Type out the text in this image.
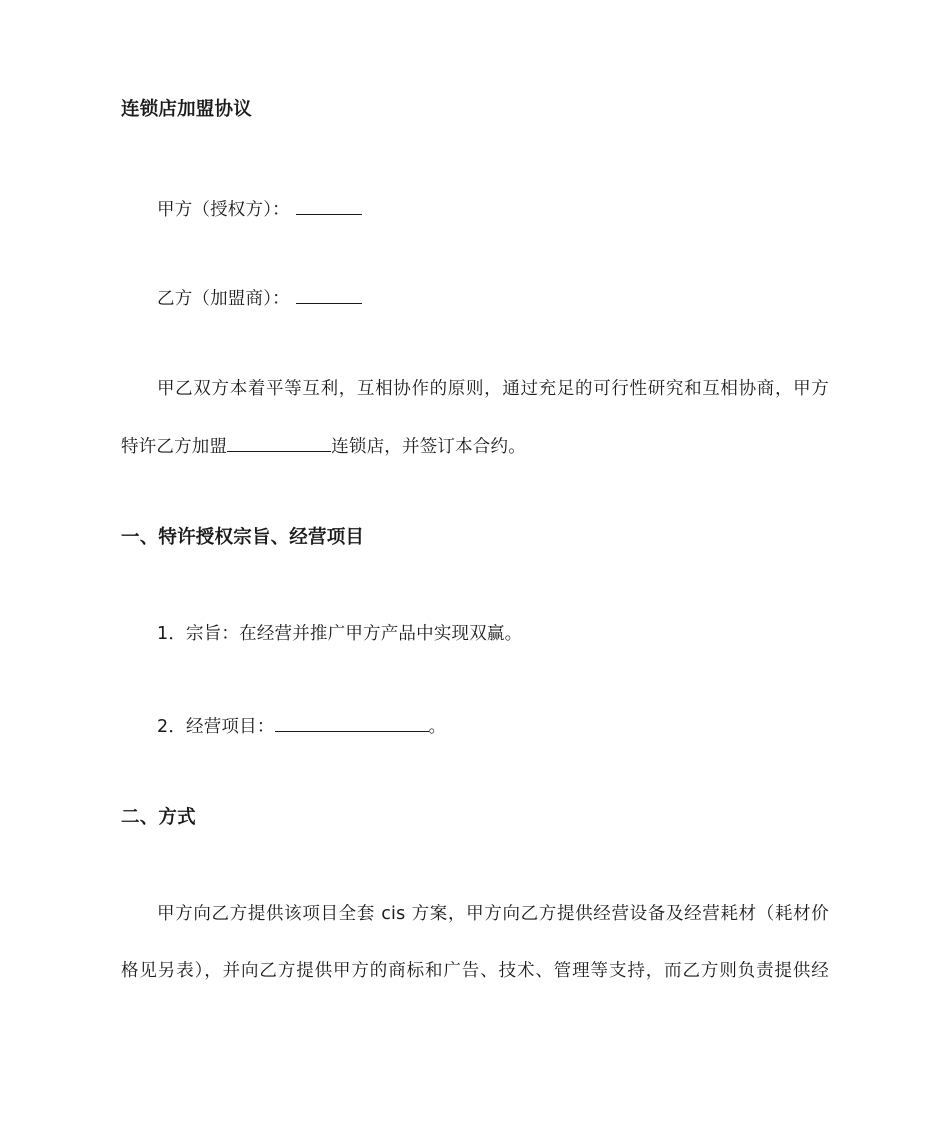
连锁店加盟协议
甲方（授权方）：
乙方（加盟商）：
甲乙双方本着平等互利，互相协作的原则，通过充足的可行性研究和互相协商，甲方
特许乙方加盟	连锁店，并签订本合约。
一、特许授权宗旨、经营项目
1．宗旨：在经营并推广甲方产品中实现双赢。
2．经营项目：	。
二、方式
甲方向乙方提供该项目全套 cis 方案，甲方向乙方提供经营设备及经营耗材（耗材价
格见另表），并向乙方提供甲方的商标和广告、技术、管理等支持，而乙方则负责提供经
